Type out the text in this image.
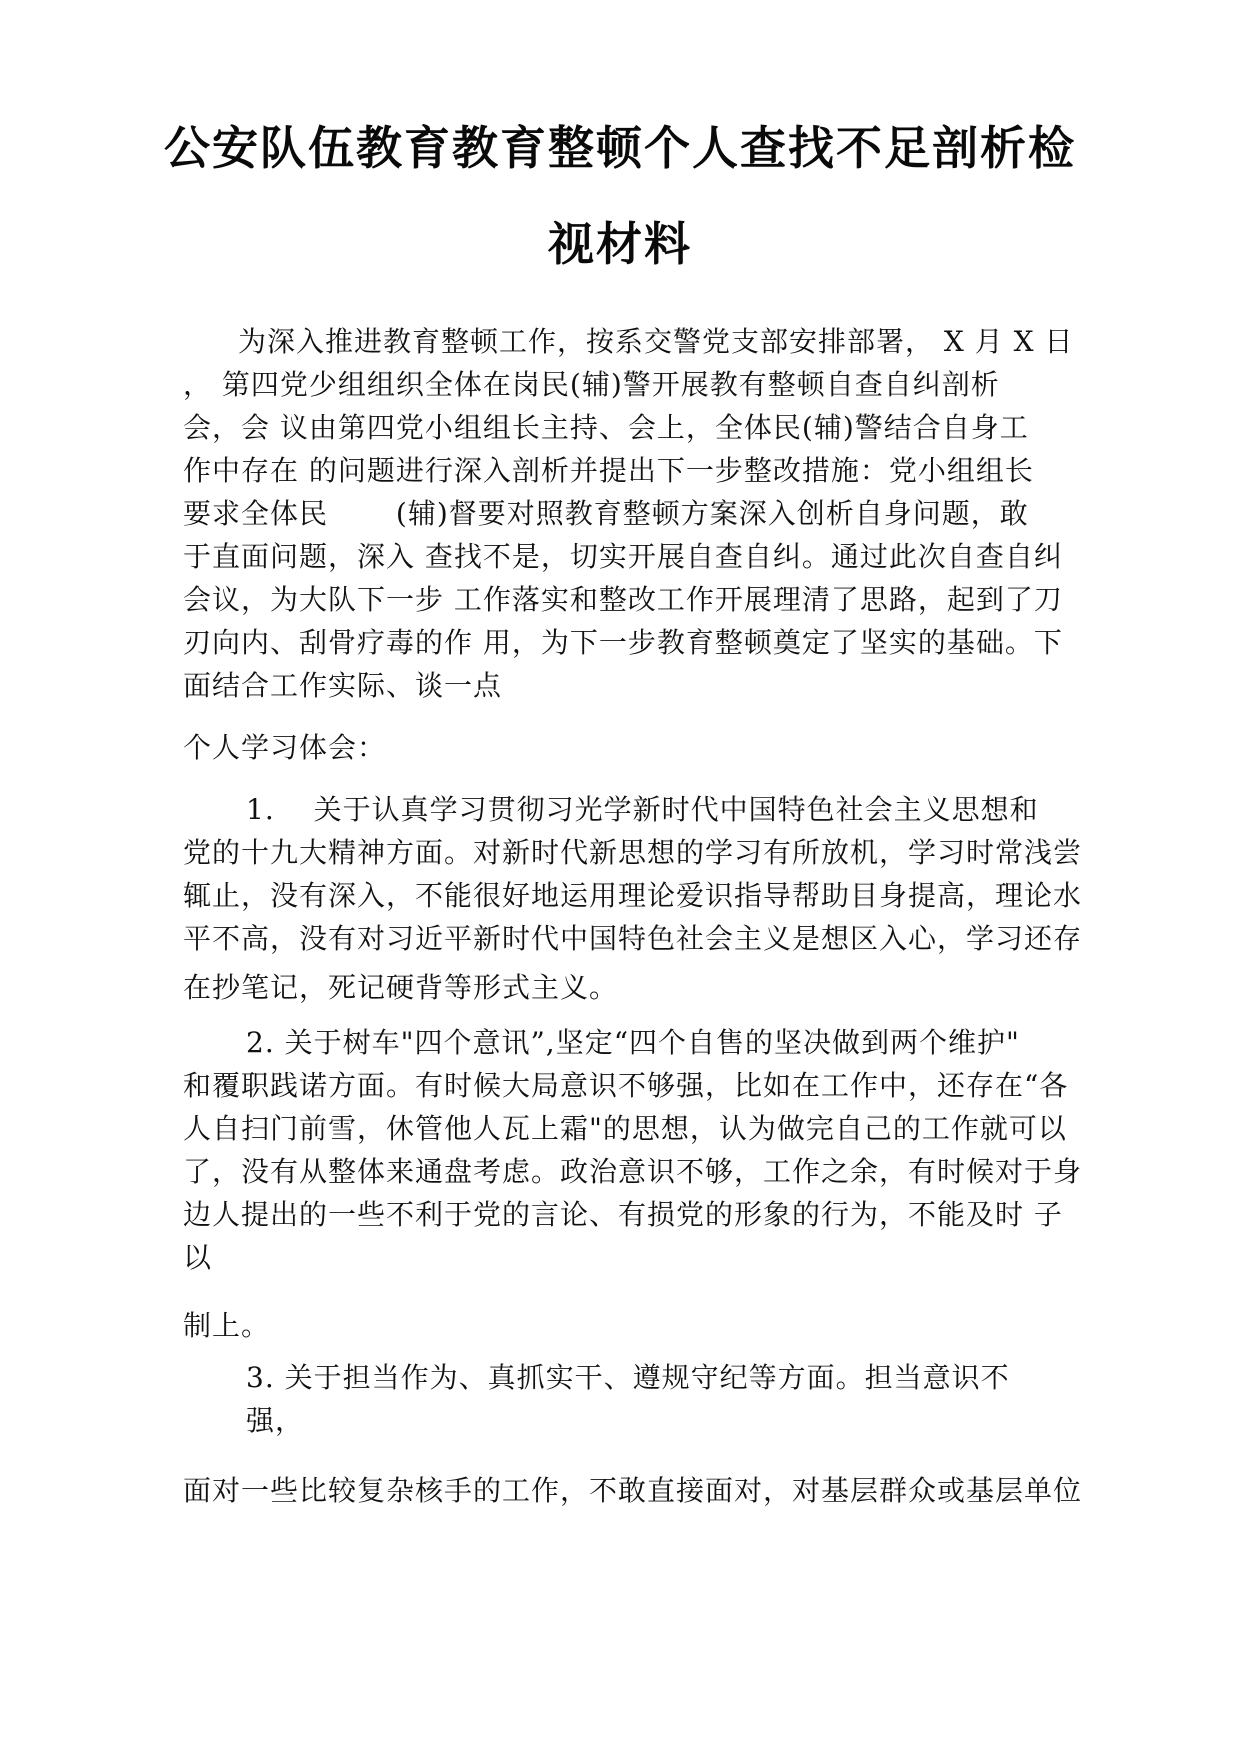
公安队伍教育教育整顿个人查找不足剖析检
视材料
为深入推进教育整顿工作，按系交警党支部安排部署， X 月 X 日
， 第四党少组组织全体在岗民(辅)警开展教有整顿自查自纠剖析
会，会 议由第四党小组组长主持、会上，全体民(辅)警结合自身工
作中存在 的问题进行深入剖析并提出下一步整改措施：党小组组长
要求全体民　　 (辅)督要对照教育整顿方案深入创析自身问题，敢
于直面问题，深入 查找不是，切实开展自查自纠。通过此次自查自纠
会议，为大队下一步 工作落实和整改工作开展理清了思路，起到了刀
刃向内、刮骨疗毒的作 用，为下一步教育整顿奠定了坚实的基础。下
面结合工作实际、谈一点
个人学习体会：
1.　 关于认真学习贯彻习光学新时代中国特色社会主义思想和
党的十九大精神方面。对新时代新思想的学习有所放机，学习时常浅尝
辄止，没有深入，不能很好地运用理论爱识指导帮助目身提高，理论水
平不高，没有对习近平新时代中国特色社会主义是想区入心，学习还存
在抄笔记，死记硬背等形式主义。
2. 关于树车"四个意讯”,坚定“四个自售的坚决做到两个维护"
和覆职践诺方面。有时候大局意识不够强，比如在工作中，还存在“各
人自扫门前雪，休管他人瓦上霜"的思想，认为做完自己的工作就可以
了，没有从整体来通盘考虑。政治意识不够，工作之余，有时候对于身
边人提出的一些不利于党的言论、有损党的形象的行为，不能及时 子
以
制上。
3. 关于担当作为、真抓实干、遵规守纪等方面。担当意识不
强，
面对一些比较复杂核手的工作，不敢直接面对，对基层群众或基层单位
